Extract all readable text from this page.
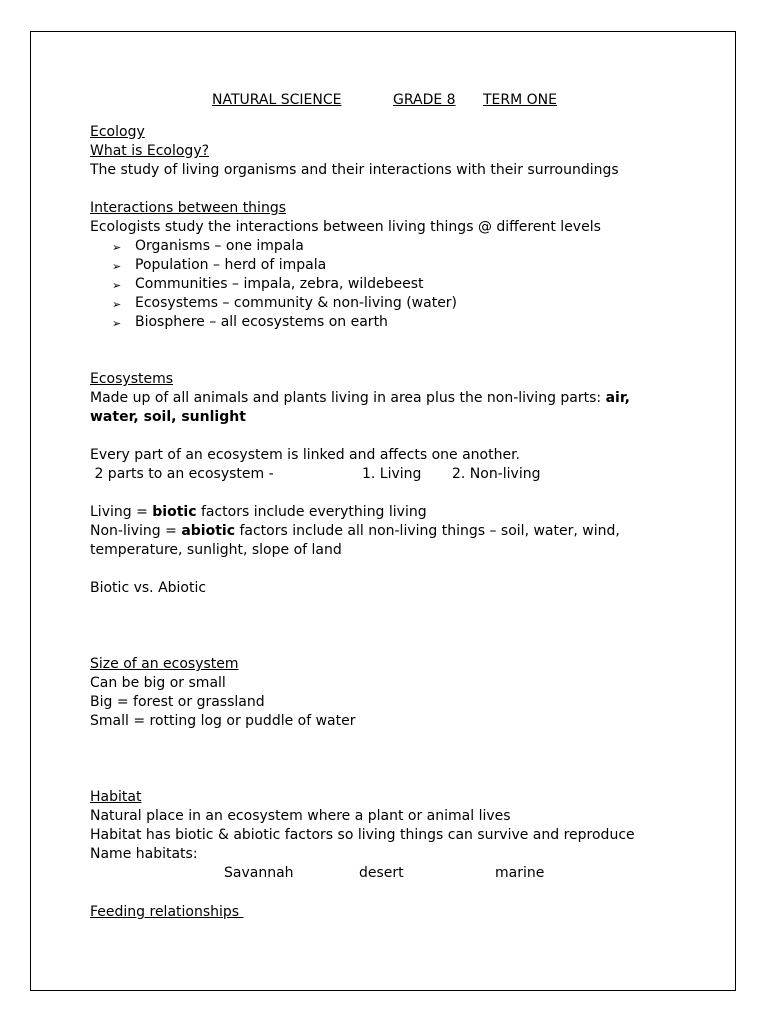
NATURAL SCIENCE	GRADE 8 TERM ONE
Ecology
What is Ecology?
The study of living organisms and their interactions with their surroundings
Interactions between things
Ecologists study the interactions between living things @ different levels
➢ Organisms – one impala
➢ Population – herd of impala
➢ Communities – impala, zebra, wildebeest
➢ Ecosystems – community & non-living (water)
➢ Biosphere – all ecosystems on earth
Ecosystems
Made up of all animals and plants living in area plus the non-living parts: air,
water, soil, sunlight
Every part of an ecosystem is linked and affects one another.
2 parts to an ecosystem -	1. Living 2. Non-living
Living = biotic factors include everything living
Non-living = abiotic factors include all non-living things – soil, water, wind,
temperature, sunlight, slope of land
Biotic vs. Abiotic
Size of an ecosystem
Can be big or small
Big = forest or grassland
Small = rotting log or puddle of water
Habitat
Natural place in an ecosystem where a plant or animal lives
Habitat has biotic & abiotic factors so living things can survive and reproduce
Name habitats:
Savannah	desert	marine
Feeding relationships
